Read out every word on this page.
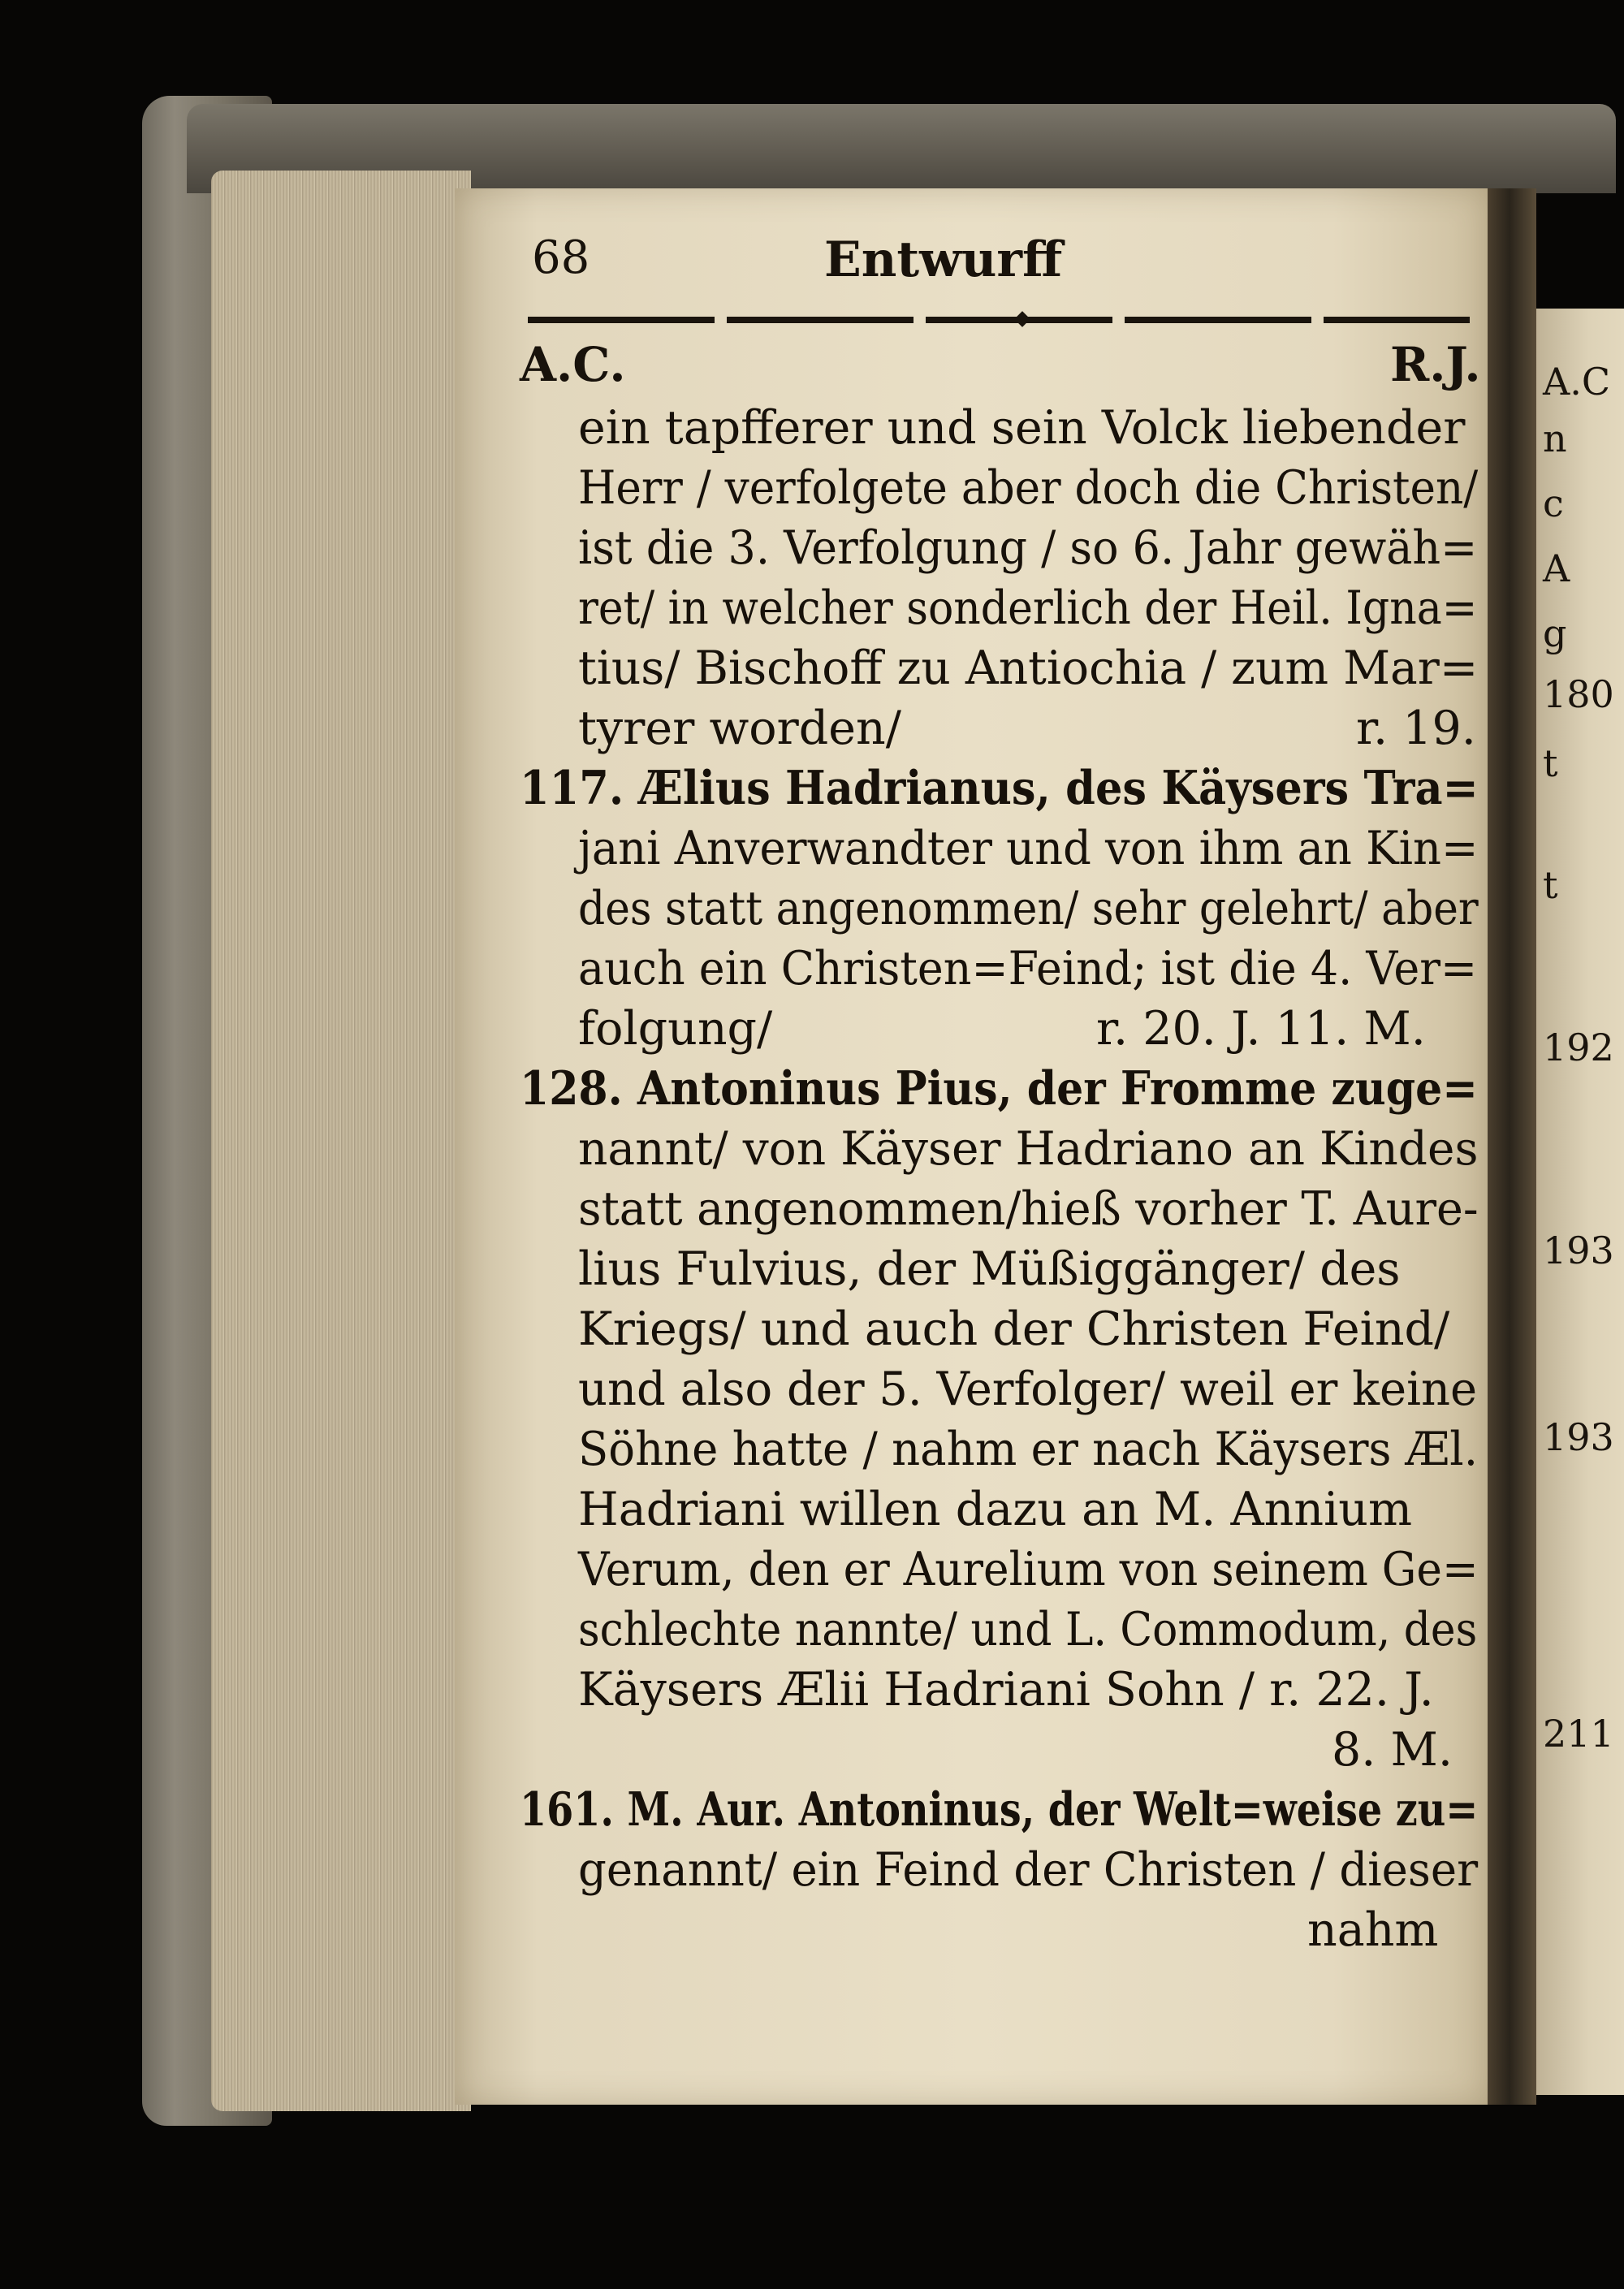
A.C

n

c

A

g

180

t

t

192

193

193

211

68	Entwurff
A.C.	R.J.
ein tapfferer und sein Volck liebender
Herr / verfolgete aber doch die Christen/
ist die 3. Verfolgung / so 6. Jahr gewäh=
ret/ in welcher sonderlich der Heil. Igna=
tius/ Bischoff zu Antiochia / zum Mar=
tyrer worden/	r. 19.
117. Ælius Hadrianus, des Käysers Tra=
jani Anverwandter und von ihm an Kin=
des statt angenommen/ sehr gelehrt/ aber
auch ein Christen=Feind; ist die 4. Ver=
folgung/	r. 20. J. 11. M.
128. Antoninus Pius, der Fromme zuge=
nannt/ von Käyser Hadriano an Kindes
statt angenommen/hieß vorher T. Aure-
lius Fulvius, der Müßiggänger/ des
Kriegs/ und auch der Christen Feind/
und also der 5. Verfolger/ weil er keine
Söhne hatte / nahm er nach Käysers Æl.
Hadriani willen dazu an M. Annium
Verum, den er Aurelium von seinem Ge=
schlechte nannte/ und L. Commodum, des
Käysers Ælii Hadriani Sohn / r. 22. J.
8. M.
161. M. Aur. Antoninus, der Welt=weise zu=
genannt/ ein Feind der Christen / dieser
nahm
